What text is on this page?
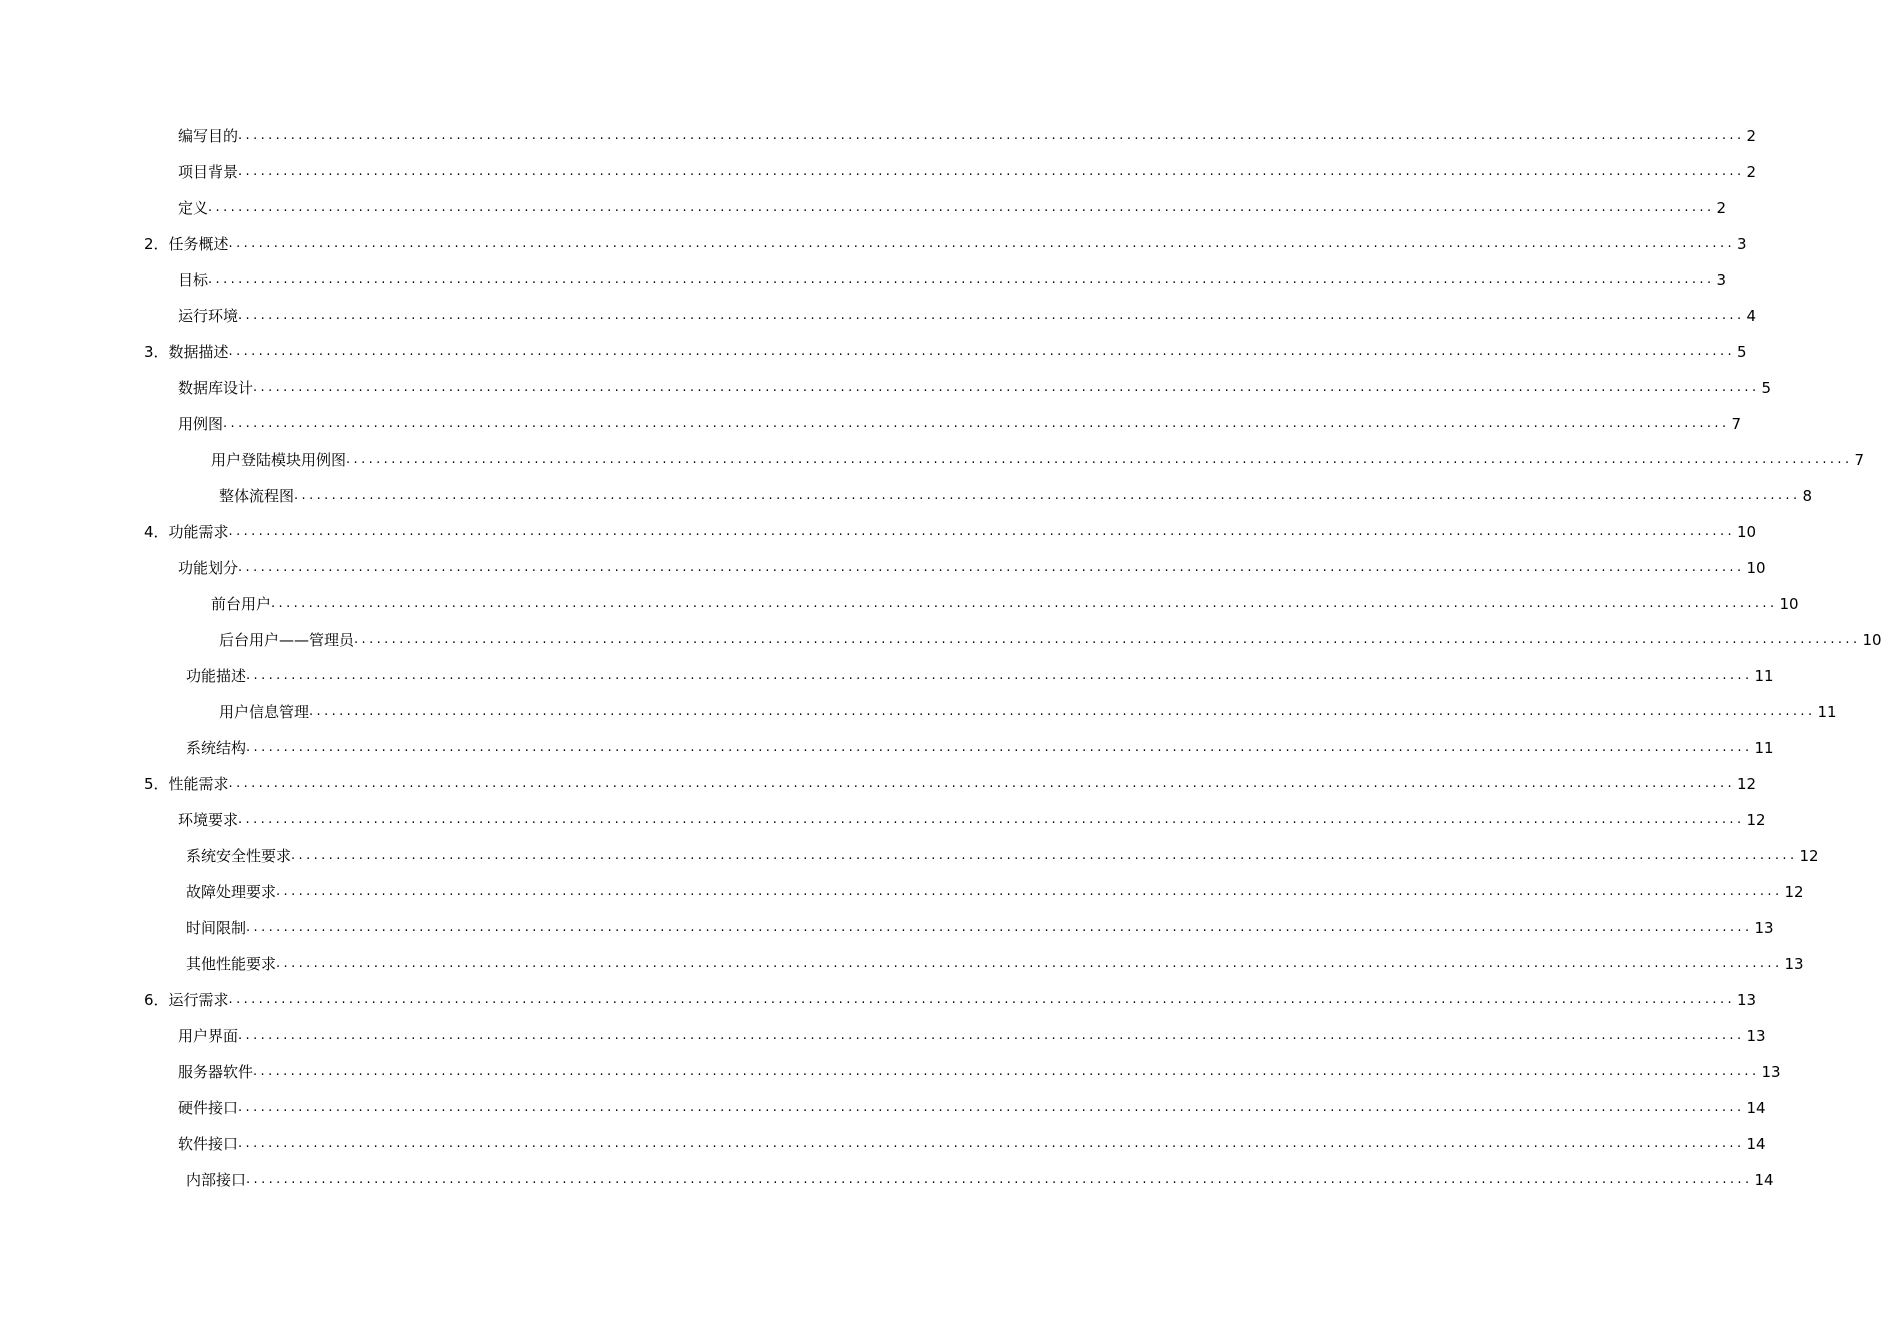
编写目的 ........................................................................................................................................................................................................ 2
项目背景 ........................................................................................................................................................................................................ 2
定义 ........................................................................................................................................................................................................ 2
2．任务概述 ........................................................................................................................................................................................................ 3
目标 ........................................................................................................................................................................................................ 3
运行环境 ........................................................................................................................................................................................................ 4
3．数据描述 ........................................................................................................................................................................................................ 5
数据库设计 ........................................................................................................................................................................................................ 5
用例图 ........................................................................................................................................................................................................ 7
用户登陆模块用例图 ........................................................................................................................................................................................................ 7
整体流程图 ........................................................................................................................................................................................................ 8
4．功能需求 ........................................................................................................................................................................................................ 10
功能划分 ........................................................................................................................................................................................................ 10
前台用户 ........................................................................................................................................................................................................ 10
后台用户——管理员 ........................................................................................................................................................................................................ 10
功能描述 ........................................................................................................................................................................................................ 11
用户信息管理 ........................................................................................................................................................................................................ 11
系统结构 ........................................................................................................................................................................................................ 11
5．性能需求 ........................................................................................................................................................................................................ 12
环境要求 ........................................................................................................................................................................................................ 12
系统安全性要求 ........................................................................................................................................................................................................ 12
故障处理要求 ........................................................................................................................................................................................................ 12
时间限制 ........................................................................................................................................................................................................ 13
其他性能要求 ........................................................................................................................................................................................................ 13
6．运行需求 ........................................................................................................................................................................................................ 13
用户界面 ........................................................................................................................................................................................................ 13
服务器软件 ........................................................................................................................................................................................................ 13
硬件接口 ........................................................................................................................................................................................................ 14
软件接口 ........................................................................................................................................................................................................ 14
内部接口 ........................................................................................................................................................................................................ 14
